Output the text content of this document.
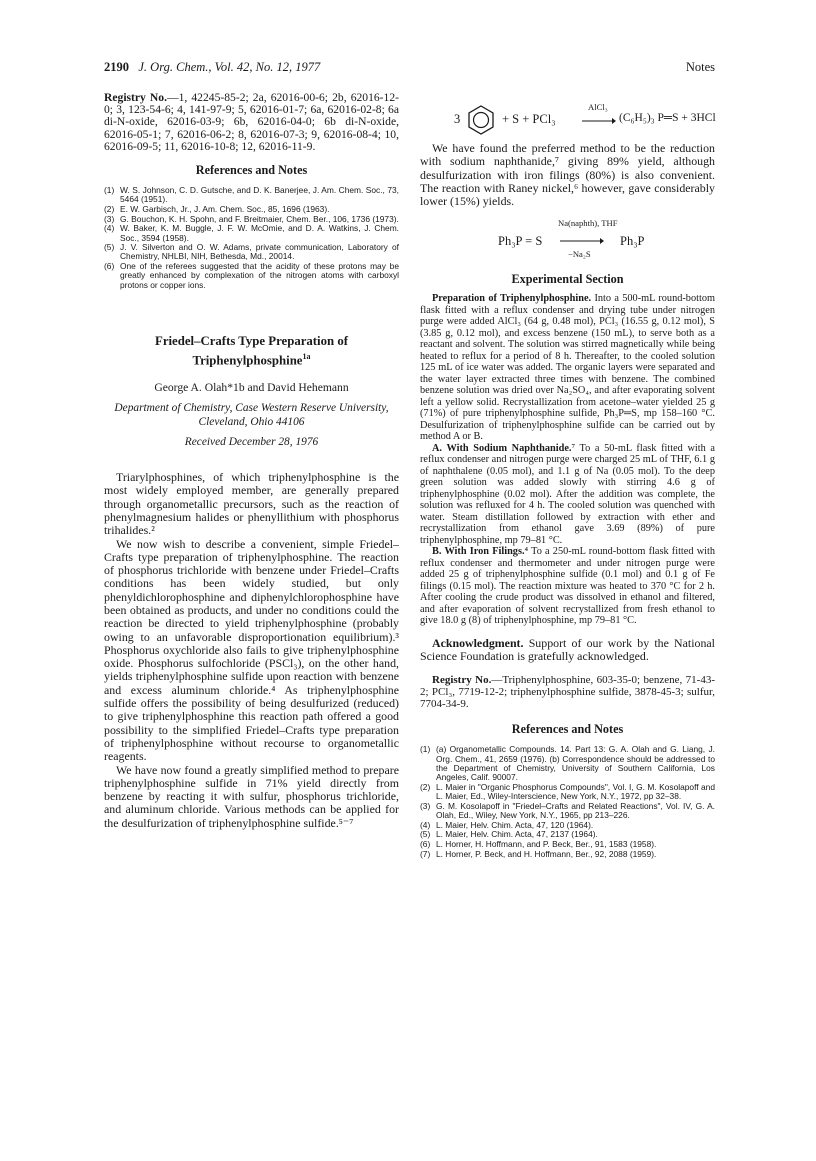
2190 J. Org. Chem., Vol. 42, No. 12, 1977	Notes

Registry No.—1, 42245-85-2; 2a, 62016-00-6; 2b, 62016-12-0; 3, 123-54-6; 4, 141-97-9; 5, 62016-01-7; 6a, 62016-02-8; 6a di-N-oxide, 62016-03-9; 6b, 62016-04-0; 6b di-N-oxide, 62016-05-1; 7, 62016-06-2; 8, 62016-07-3; 9, 62016-08-4; 10, 62016-09-5; 11, 62016-10-8; 12, 62016-11-9.

References and Notes
(1) W. S. Johnson, C. D. Gutsche, and D. K. Banerjee, J. Am. Chem. Soc., 73, 5464 (1951).
(2) E. W. Garbisch, Jr., J. Am. Chem. Soc., 85, 1696 (1963).
(3) G. Bouchon, K. H. Spohn, and F. Breitmaier, Chem. Ber., 106, 1736 (1973).
(4) W. Baker, K. M. Buggle, J. F. W. McOmie, and D. A. Watkins, J. Chem. Soc., 3594 (1958).
(5) J. V. Silverton and O. W. Adams, private communication, Laboratory of Chemistry, NHLBI, NIH, Bethesda, Md., 20014.
(6) One of the referees suggested that the acidity of these protons may be greatly enhanced by complexation of the nitrogen atoms with carboxyl protons or copper ions.
Friedel–Crafts Type Preparation of
Triphenylphosphine$^{1a}$
George A. Olah*1b and David Hehemann
Department of Chemistry, Case Western Reserve University,
Cleveland, Ohio 44106
Received December 28, 1976

Triarylphosphines, of which triphenylphosphine is the most widely employed member, are generally prepared through organometallic precursors, such as the reaction of phenylmagnesium halides or phenyllithium with phosphorus trihalides.²

We now wish to describe a convenient, simple Friedel–Crafts type preparation of triphenylphosphine. The reaction of phosphorus trichloride with benzene under Friedel–Crafts conditions has been widely studied, but only phenyldichlorophosphine and diphenylchlorophosphine have been obtained as products, and under no conditions could the reaction be directed to yield triphenylphosphine (probably owing to an unfavorable disproportionation equilibrium).³ Phosphorus oxychloride also fails to give triphenylphosphine oxide. Phosphorus sulfochloride (PSCl₃), on the other hand, yields triphenylphosphine sulfide upon reaction with benzene and excess aluminum chloride.⁴ As triphenylphosphine sulfide offers the possibility of being desulfurized (reduced) to give triphenylphosphine this reaction path offered a good possibility to the simplified Friedel–Crafts type preparation of triphenylphosphine without recourse to organometallic reagents.

We have now found a greatly simplified method to prepare triphenylphosphine sulfide in 71% yield directly from benzene by reacting it with sulfur, phosphorus trichloride, and aluminum chloride. Various methods can be applied for the desulfurization of triphenylphosphine sulfide.⁵⁻⁷

3	+ S + PCl₃
AlCl₃
→ (C₆H₅)₃ P═S + 3HCl

We have found the preferred method to be the reduction with sodium naphthanide,⁷ giving 89% yield, although desulfurization with iron filings (80%) is also convenient. The reaction with Raney nickel,⁶ however, gave considerably lower (15%) yields.

Ph₃P = S
Na(naphth), THF
−Na₂S
Ph₃P
Experimental Section

Preparation of Triphenylphosphine. Into a 500-mL round-bottom flask fitted with a reflux condenser and drying tube under nitrogen purge were added AlCl₃ (64 g, 0.48 mol), PCl₃ (16.55 g, 0.12 mol), S (3.85 g, 0.12 mol), and excess benzene (150 mL), to serve both as a reactant and solvent. The solution was stirred magnetically while being heated to reflux for a period of 8 h. Thereafter, to the cooled solution 125 mL of ice water was added. The organic layers were separated and the water layer extracted three times with benzene. The combined benzene solution was dried over Na₂SO₄, and after evaporating solvent left a yellow solid. Recrystallization from acetone–water yielded 25 g (71%) of pure triphenylphosphine sulfide, Ph₃P═S, mp 158–160 °C. Desulfurization of triphenylphosphine sulfide can be carried out by method A or B.

A. With Sodium Naphthanide.⁷ To a 50-mL flask fitted with a reflux condenser and nitrogen purge were charged 25 mL of THF, 6.1 g of naphthalene (0.05 mol), and 1.1 g of Na (0.05 mol). To the deep green solution was added slowly with stirring 4.6 g of triphenylphosphine (0.02 mol). After the addition was complete, the solution was refluxed for 4 h. The cooled solution was quenched with water. Steam distillation followed by extraction with ether and recrystallization from ethanol gave 3.69 (89%) of pure triphenylphosphine, mp 79–81 °C.

B. With Iron Filings.⁴ To a 250-mL round-bottom flask fitted with reflux condenser and thermometer and under nitrogen purge were added 25 g of triphenylphosphine sulfide (0.1 mol) and 0.1 g of Fe filings (0.15 mol). The reaction mixture was heated to 370 °C for 2 h. After cooling the crude product was dissolved in ethanol and filtered, and after evaporation of solvent recrystallized from fresh ethanol to give 18.0 g (8) of triphenylphosphine, mp 79–81 °C.

Acknowledgment. Support of our work by the National Science Foundation is gratefully acknowledged.

Registry No.—Triphenylphosphine, 603-35-0; benzene, 71-43-2; PCl₃, 7719-12-2; triphenylphosphine sulfide, 3878-45-3; sulfur, 7704-34-9.

References and Notes
(1) (a) Organometallic Compounds. 14. Part 13: G. A. Olah and G. Liang, J. Org. Chem., 41, 2659 (1976). (b) Correspondence should be addressed to the Department of Chemistry, University of Southern California, Los Angeles, Calif. 90007.
(2) L. Maier in "Organic Phosphorus Compounds", Vol. I, G. M. Kosolapoff and L. Maier, Ed., Wiley-Interscience, New York, N.Y., 1972, pp 32–38.
(3) G. M. Kosolapoff in "Friedel–Crafts and Related Reactions", Vol. IV, G. A. Olah, Ed., Wiley, New York, N.Y., 1965, pp 213–226.
(4) L. Maier, Helv. Chim. Acta, 47, 120 (1964).
(5) L. Maier, Helv. Chim. Acta, 47, 2137 (1964).
(6) L. Horner, H. Hoffmann, and P. Beck, Ber., 91, 1583 (1958).
(7) L. Horner, P. Beck, and H. Hoffmann, Ber., 92, 2088 (1959).
